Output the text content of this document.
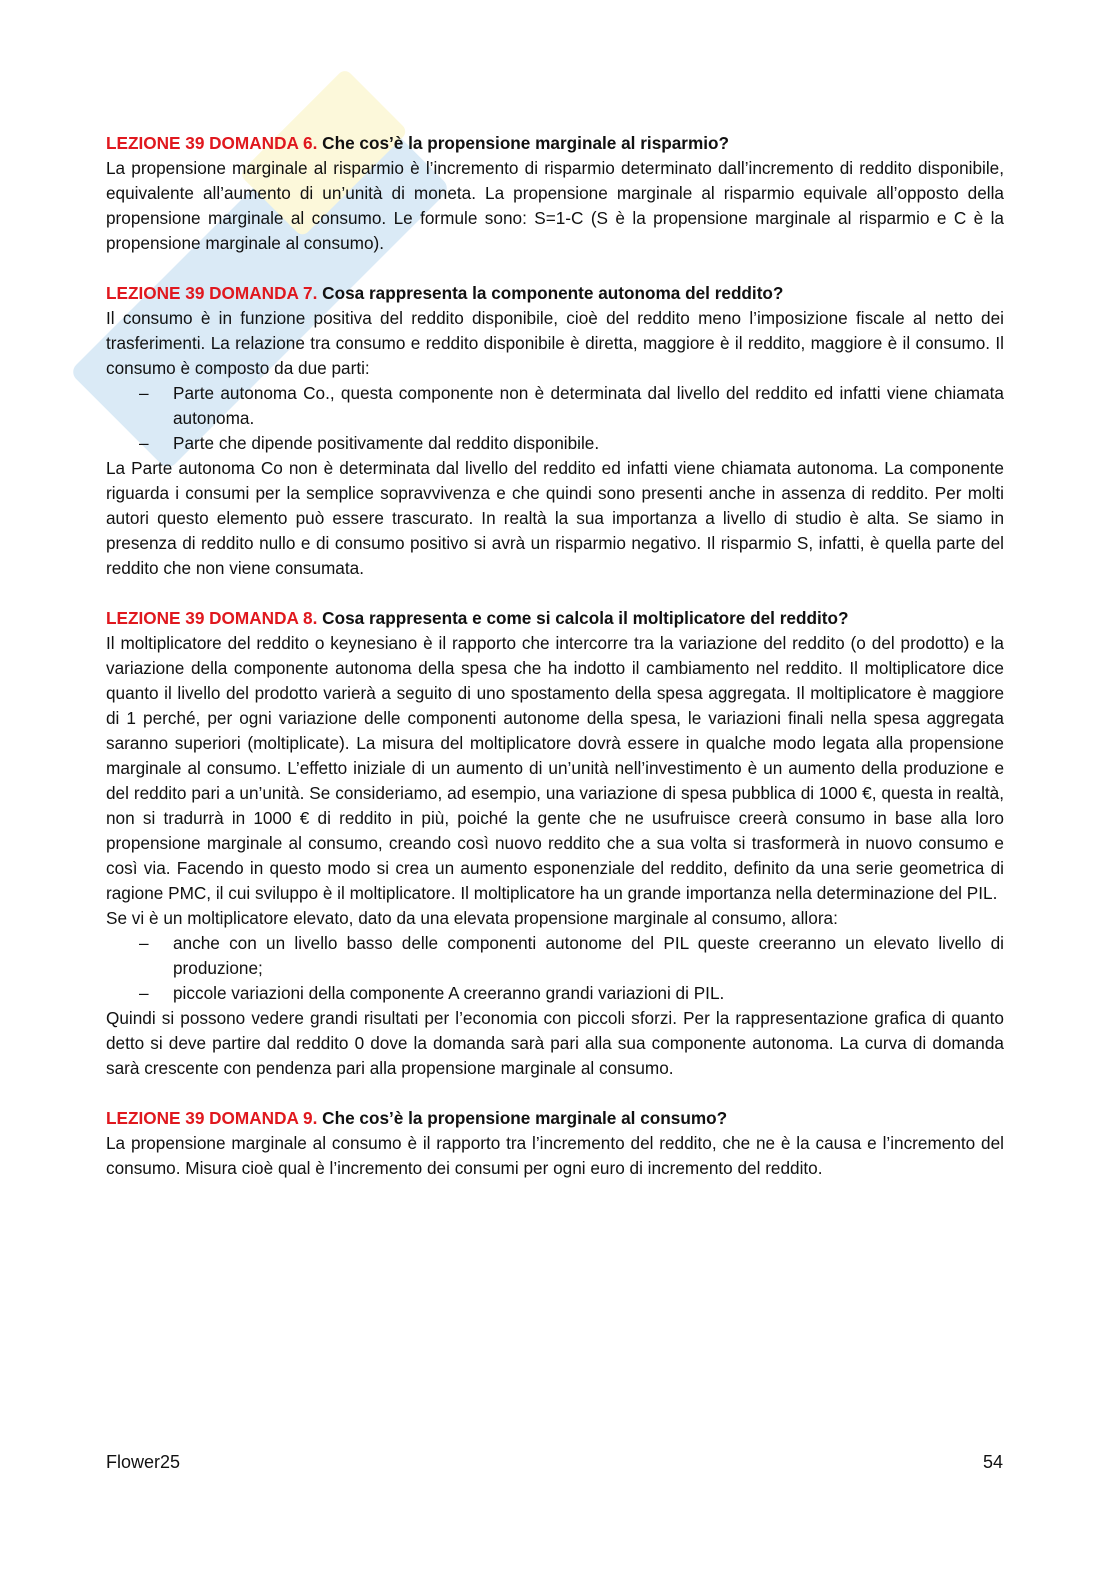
LEZIONE 39 DOMANDA 6. Che cos’è la propensione marginale al risparmio?

La propensione marginale al risparmio è l’incremento di risparmio determinato dall’incremento di reddito disponibile, equivalente all’aumento di un’unità di moneta. La propensione marginale al risparmio equivale all’opposto della propensione marginale al consumo. Le formule sono: S=1-C (S è la propensione marginale al risparmio e C è la propensione marginale al consumo).

LEZIONE 39 DOMANDA 7. Cosa rappresenta la componente autonoma del reddito?

Il consumo è in funzione positiva del reddito disponibile, cioè del reddito meno l’imposizione fiscale al netto dei trasferimenti. La relazione tra consumo e reddito disponibile è diretta, maggiore è il reddito, maggiore è il consumo. Il consumo è composto da due parti:

– Parte autonoma Co., questa componente non è determinata dal livello del reddito ed infatti viene chiamata autonoma.
– Parte che dipende positivamente dal reddito disponibile.

La Parte autonoma Co non è determinata dal livello del reddito ed infatti viene chiamata autonoma. La componente riguarda i consumi per la semplice sopravvivenza e che quindi sono presenti anche in assenza di reddito. Per molti autori questo elemento può essere trascurato. In realtà la sua importanza a livello di studio è alta. Se siamo in presenza di reddito nullo e di consumo positivo si avrà un risparmio negativo. Il risparmio S, infatti, è quella parte del reddito che non viene consumata.

LEZIONE 39 DOMANDA 8. Cosa rappresenta e come si calcola il moltiplicatore del reddito?

Il moltiplicatore del reddito o keynesiano è il rapporto che intercorre tra la variazione del reddito (o del prodotto) e la variazione della componente autonoma della spesa che ha indotto il cambiamento nel reddito. Il moltiplicatore dice quanto il livello del prodotto varierà a seguito di uno spostamento della spesa aggregata. Il moltiplicatore è maggiore di 1 perché, per ogni variazione delle componenti autonome della spesa, le variazioni finali nella spesa aggregata saranno superiori (moltiplicate). La misura del moltiplicatore dovrà essere in qualche modo legata alla propensione marginale al consumo. L’effetto iniziale di un aumento di un’unità nell’investimento è un aumento della produzione e del reddito pari a un’unità. Se consideriamo, ad esempio, una variazione di spesa pubblica di 1000 €, questa in realtà, non si tradurrà in 1000 € di reddito in più, poiché la gente che ne usufruisce creerà consumo in base alla loro propensione marginale al consumo, creando così nuovo reddito che a sua volta si trasformerà in nuovo consumo e così via. Facendo in questo modo si crea un aumento esponenziale del reddito, definito da una serie geometrica di ragione PMC, il cui sviluppo è il moltiplicatore. Il moltiplicatore ha un grande importanza nella determinazione del PIL.

Se vi è un moltiplicatore elevato, dato da una elevata propensione marginale al consumo, allora:

– anche con un livello basso delle componenti autonome del PIL queste creeranno un elevato livello di produzione;
– piccole variazioni della componente A creeranno grandi variazioni di PIL.

Quindi si possono vedere grandi risultati per l’economia con piccoli sforzi. Per la rappresentazione grafica di quanto detto si deve partire dal reddito 0 dove la domanda sarà pari alla sua componente autonoma. La curva di domanda sarà crescente con pendenza pari alla propensione marginale al consumo.

LEZIONE 39 DOMANDA 9. Che cos’è la propensione marginale al consumo?

La propensione marginale al consumo è il rapporto tra l’incremento del reddito, che ne è la causa e l’incremento del consumo. Misura cioè qual è l’incremento dei consumi per ogni euro di incremento del reddito.

Flower25	54
